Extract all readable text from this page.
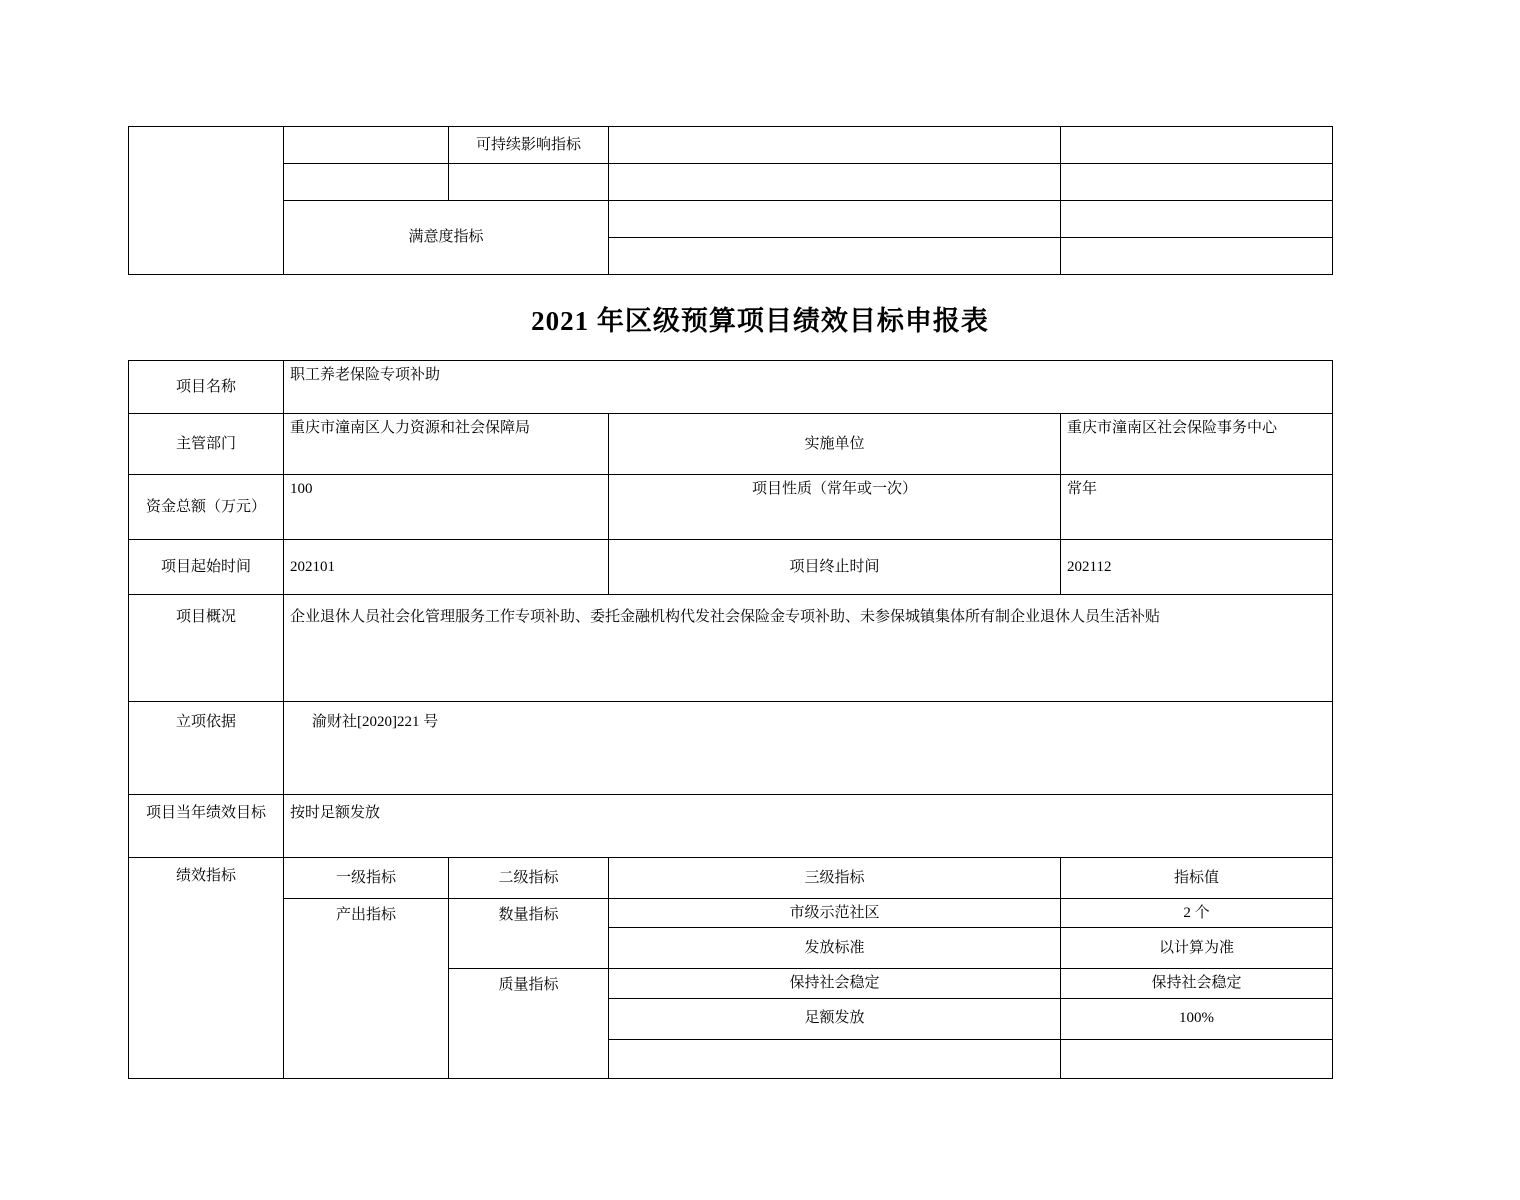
		可持续影响指标		

	满意度指标			

2021 年区级预算项目绩效目标申报表
项目名称	职工养老保险专项补助			
主管部门	重庆市潼南区人力资源和社会保障局		实施单位	重庆市潼南区社会保险事务中心
资金总额（万元）	100		项目性质（常年或一次）	常年
项目起始时间	202101		项目终止时间	202112
项目概况	企业退休人员社会化管理服务工作专项补助、委托金融机构代发社会保险金专项补助、未参保城镇集体所有制企业退休人员生活补贴			
立项依据	渝财社[2020]221 号			
项目当年绩效目标	按时足额发放			
绩效指标	一级指标	二级指标	三级指标	指标值
	产出指标	数量指标	市级示范社区	2 个
			发放标准	以计算为准
		质量指标	保持社会稳定	保持社会稳定
			足额发放	100%
